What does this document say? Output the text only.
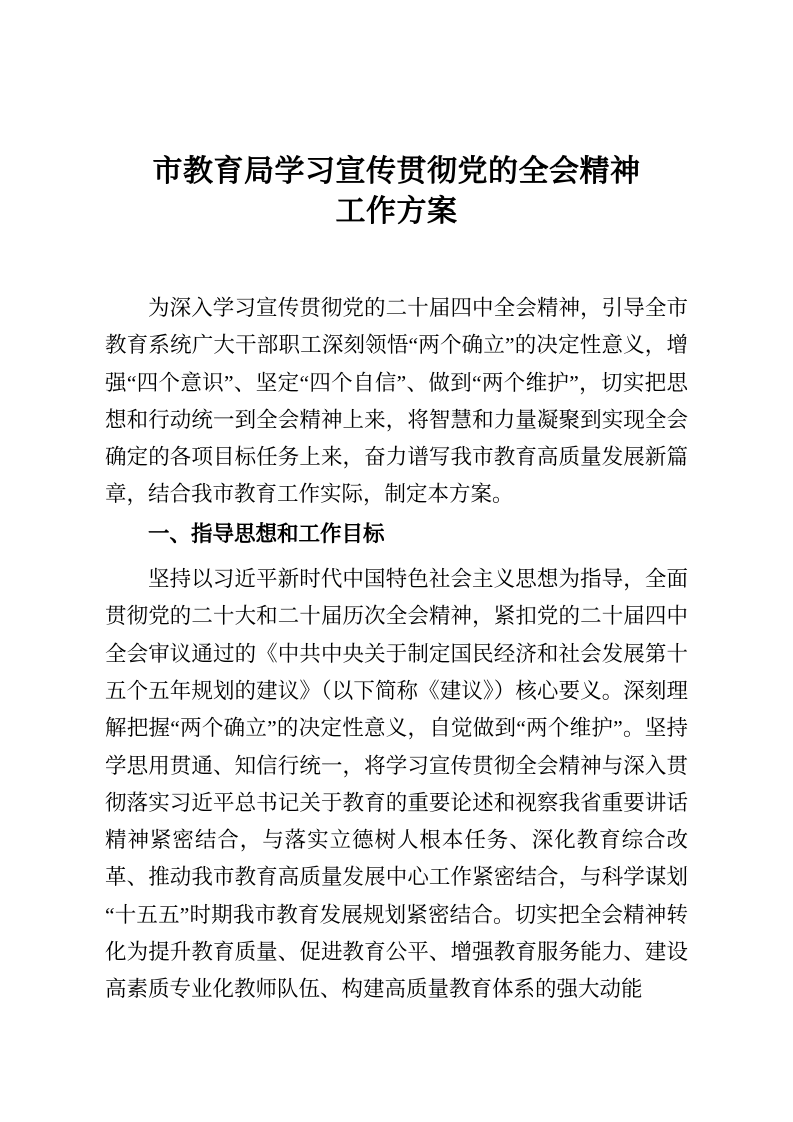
市教育局学习宣传贯彻党的全会精神
工作方案

为深入学习宣传贯彻党的二十届四中全会精神，引导全市教育系统广大干部职工深刻领悟“两个确立”的决定性意义，增强“四个意识”、坚定“四个自信”、做到“两个维护”，切实把思想和行动统一到全会精神上来，将智慧和力量凝聚到实现全会确定的各项目标任务上来，奋力谱写我市教育高质量发展新篇章，结合我市教育工作实际，制定本方案。

一、指导思想和工作目标

坚持以习近平新时代中国特色社会主义思想为指导，全面贯彻党的二十大和二十届历次全会精神，紧扣党的二十届四中全会审议通过的《中共中央关于制定国民经济和社会发展第十五个五年规划的建议》（以下简称《建议》）核心要义。深刻理解把握“两个确立”的决定性意义，自觉做到“两个维护”。坚持学思用贯通、知信行统一，将学习宣传贯彻全会精神与深入贯彻落实习近平总书记关于教育的重要论述和视察我省重要讲话精神紧密结合，与落实立德树人根本任务、深化教育综合改革、推动我市教育高质量发展中心工作紧密结合，与科学谋划“十五五”时期我市教育发展规划紧密结合。切实把全会精神转化为提升教育质量、促进教育公平、增强教育服务能力、建设高素质专业化教师队伍、构建高质量教育体系的强大动能
